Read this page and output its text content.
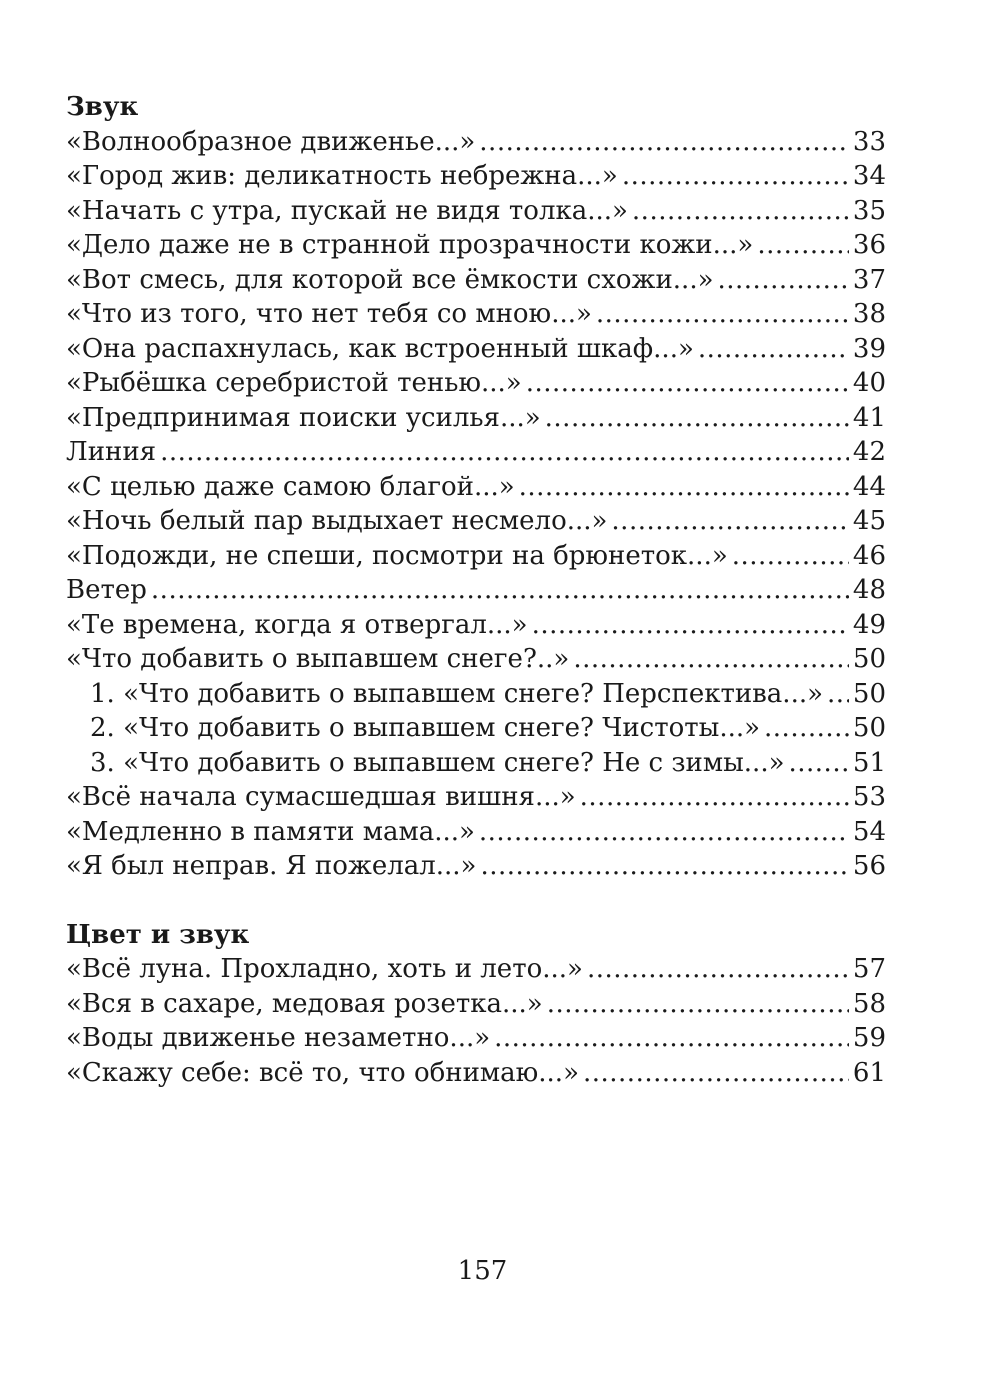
Звук
«Волнообразное движенье...» .....	33
«Город жив: деликатность небрежна...» .....	34
«Начать с утра, пускай не видя толка...» .....	35
«Дело даже не в странной прозрачности кожи...» .....	36
«Вот смесь, для которой все ёмкости схожи...» .....	37
«Что из того, что нет тебя со мною...» .....	38
«Она распахнулась, как встроенный шкаф...» .....	39
«Рыбёшка серебристой тенью...» .....	40
«Предпринимая поиски усилья...» .....	41
Линия .....	42
«С целью даже самою благой...» .....	44
«Ночь белый пар выдыхает несмело...» .....	45
«Подожди, не спеши, посмотри на брюнеток...» .....	46
Ветер .....	48
«Те времена, когда я отвергал...» .....	49
«Что добавить о выпавшем снеге?..» .....	50
1. «Что добавить о выпавшем снеге? Перспектива...» ..... 50
2. «Что добавить о выпавшем снеге? Чистоты...» .....	50
3. «Что добавить о выпавшем снеге? Не с зимы...» .....	51
«Всё начала сумасшедшая вишня...» .....	53
«Медленно в памяти мама...» .....	54
«Я был неправ. Я пожелал...» .....	56
Цвет и звук
«Всё луна. Прохладно, хоть и лето...» .....	57
«Вся в сахаре, медовая розетка...» .....	58
«Воды движенье незаметно...» .....	59
«Скажу себе: всё то, что обнимаю...» .....	61
157
